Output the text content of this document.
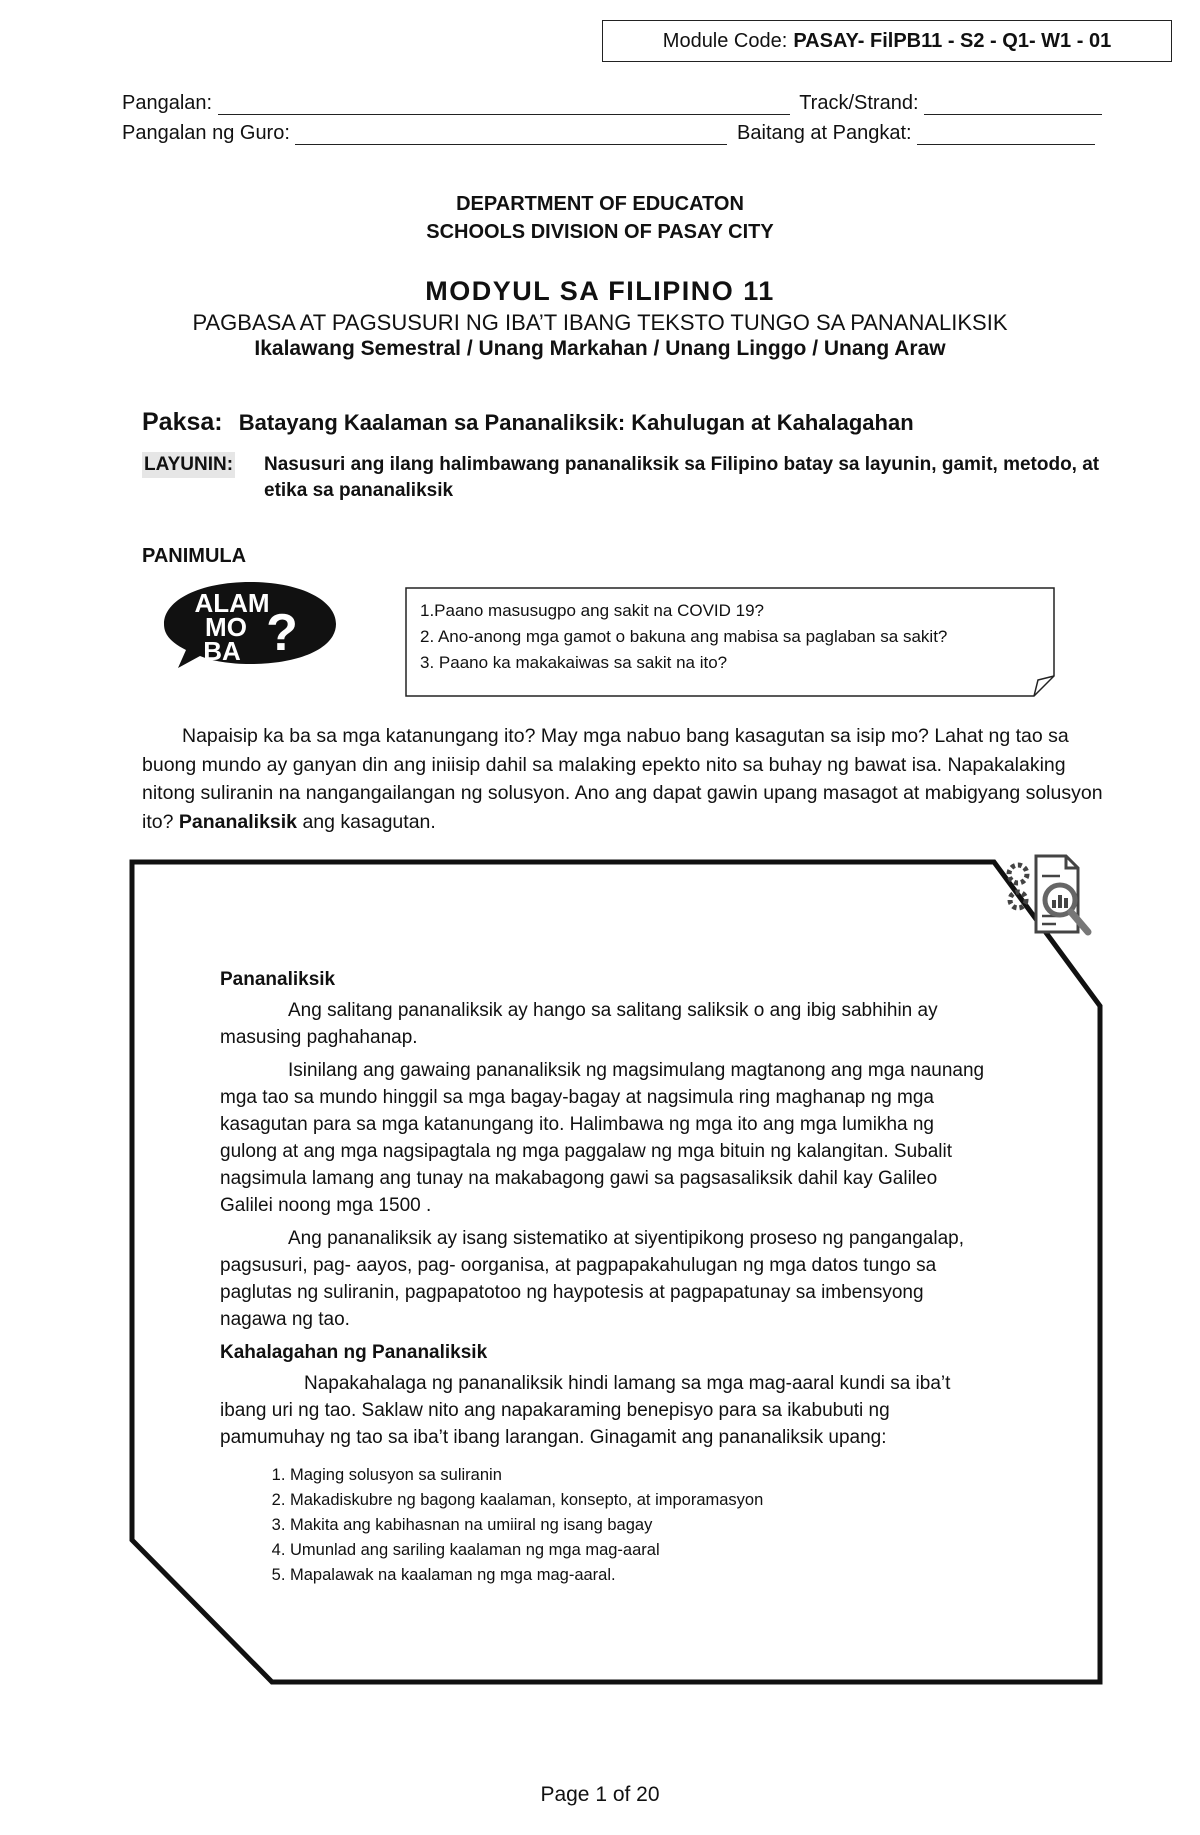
Module Code: PASAY- FilPB11 - S2 - Q1- W1 - 01
Pangalan:	Track/Strand:
Pangalan ng Guro:	Baitang at Pangkat:
DEPARTMENT OF EDUCATON
SCHOOLS DIVISION OF PASAY CITY
MODYUL SA FILIPINO 11
PAGBASA AT PAGSUSURI NG IBA’T IBANG TEKSTO TUNGO SA PANANALIKSIK
Ikalawang Semestral / Unang Markahan / Unang Linggo / Unang Araw
Paksa: Batayang Kaalaman sa Pananaliksik: Kahulugan at Kahalagahan
LAYUNIN: Nasusuri ang ilang halimbawang pananaliksik sa Filipino batay sa layunin, gamit, metodo, at etika sa pananaliksik
PANIMULA
ALAM
MO
BA ?	1.Paano masusugpo ang sakit na COVID 19?
2. Ano-anong mga gamot o bakuna ang mabisa sa paglaban sa sakit?
3. Paano ka makakaiwas sa sakit na ito?

Napaisip ka ba sa mga katanungang ito? May mga nabuo bang kasagutan sa isip mo? Lahat ng tao sa buong mundo ay ganyan din ang iniisip dahil sa malaking epekto nito sa buhay ng bawat isa. Napakalaking nitong suliranin na nangangailangan ng solusyon. Ano ang dapat gawin upang masagot at mabigyang solusyon ito? Pananaliksik ang kasagutan.

Pananaliksik

Ang salitang pananaliksik ay hango sa salitang saliksik o ang ibig sabhihin ay masusing paghahanap.

Isinilang ang gawaing pananaliksik ng magsimulang magtanong ang mga naunang mga tao sa mundo hinggil sa mga bagay-bagay at nagsimula ring maghanap ng mga kasagutan para sa mga katanungang ito. Halimbawa ng mga ito ang mga lumikha ng gulong at ang mga nagsipagtala ng mga paggalaw ng mga bituin ng kalangitan. Subalit nagsimula lamang ang tunay na makabagong gawi sa pagsasaliksik dahil kay Galileo Galilei noong mga 1500 .

Ang pananaliksik ay isang sistematiko at siyentipikong proseso ng pangangalap, pagsusuri, pag- aayos, pag- oorganisa, at pagpapakahulugan ng mga datos tungo sa paglutas ng suliranin, pagpapatotoo ng haypotesis at pagpapatunay sa imbensyong nagawa ng tao.

Kahalagahan ng Pananaliksik

Napakahalaga ng pananaliksik hindi lamang sa mga mag-aaral kundi sa iba’t ibang uri ng tao. Saklaw nito ang napakaraming benepisyo para sa ikabubuti ng pamumuhay ng tao sa iba’t ibang larangan. Ginagamit ang pananaliksik upang:

1. Maging solusyon sa suliranin
2. Makadiskubre ng bagong kaalaman, konsepto, at imporamasyon
3. Makita ang kabihasnan na umiiral ng isang bagay
4. Umunlad ang sariling kaalaman ng mga mag-aaral
5. Mapalawak na kaalaman ng mga mag-aaral.
Page 1 of 20
